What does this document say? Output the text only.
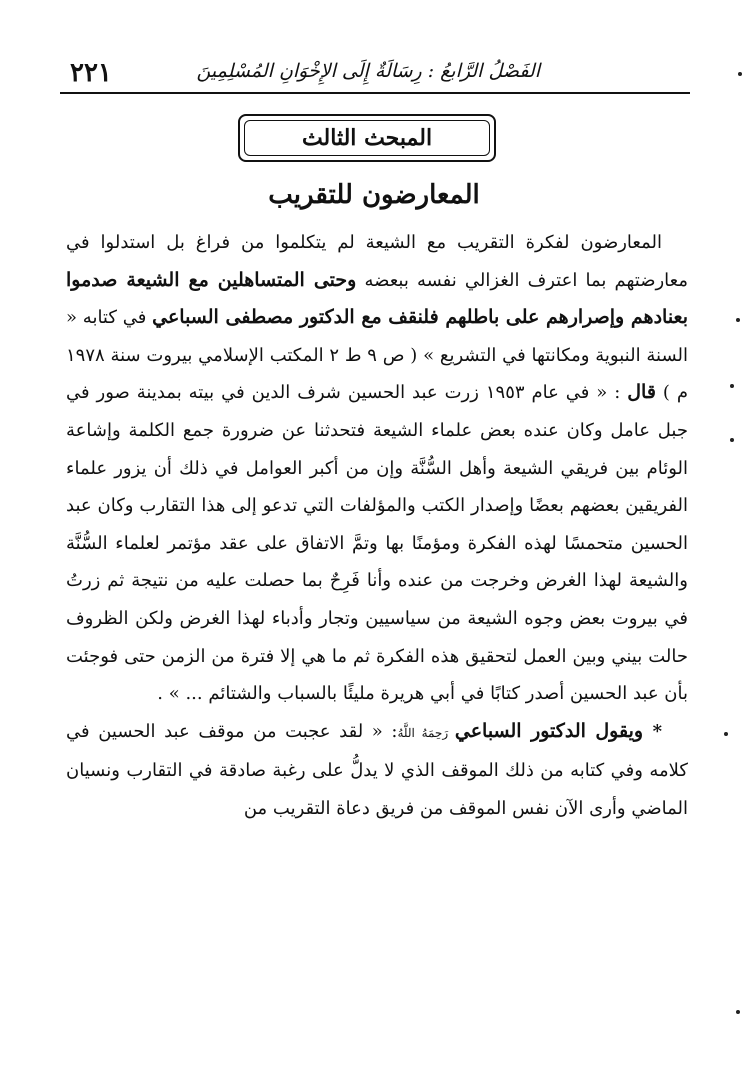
٢٢١	الفَصْلُ الرَّابعُ : رِسَالَةٌ إِلَى الإِخْوَانِ المُسْلِمِينَ
المبحث الثالث
المعارضون للتقريب

المعارضون لفكرة التقريب مع الشيعة لم يتكلموا من فراغ بل استدلوا في معارضتهم بما اعترف الغزالي نفسه ببعضه وحتى المتساهلين مع الشيعة صدموا بعنادهم وإصرارهم على باطلهم فلنقف مع الدكتور مصطفى السباعي في كتابه « السنة النبوية ومكانتها في التشريع » ( ص ٩ ط ٢ المكتب الإسلامي بيروت سنة ١٩٧٨ م ) قال : « في عام ١٩٥٣ زرت عبد الحسين شرف الدين في بيته بمدينة صور في جبل عامل وكان عنده بعض علماء الشيعة فتحدثنا عن ضرورة جمع الكلمة وإشاعة الوئام بين فريقي الشيعة وأهل السُّنَّة وإن من أكبر العوامل في ذلك أن يزور علماء الفريقين بعضهم بعضًا وإصدار الكتب والمؤلفات التي تدعو إلى هذا التقارب وكان عبد الحسين متحمسًا لهذه الفكرة ومؤمنًا بها وتمَّ الاتفاق على عقد مؤتمر لعلماء السُّنَّة والشيعة لهذا الغرض وخرجت من عنده وأنا فَرِحٌ بما حصلت عليه من نتيجة ثم زرتُ في بيروت بعض وجوه الشيعة من سياسيين وتجار وأدباء لهذا الغرض ولكن الظروف حالت بيني وبين العمل لتحقيق هذه الفكرة ثم ما هي إلا فترة من الزمن حتى فوجئت بأن عبد الحسين أصدر كتابًا في أبي هريرة مليئًا بالسباب والشتائم ... » .

* ويقول الدكتور السباعي رَحِمَهُ اللَّهُ: « لقد عجبت من موقف عبد الحسين في كلامه وفي كتابه من ذلك الموقف الذي لا يدلُّ على رغبة صادقة في التقارب ونسيان الماضي وأرى الآن نفس الموقف من فريق دعاة التقريب من
